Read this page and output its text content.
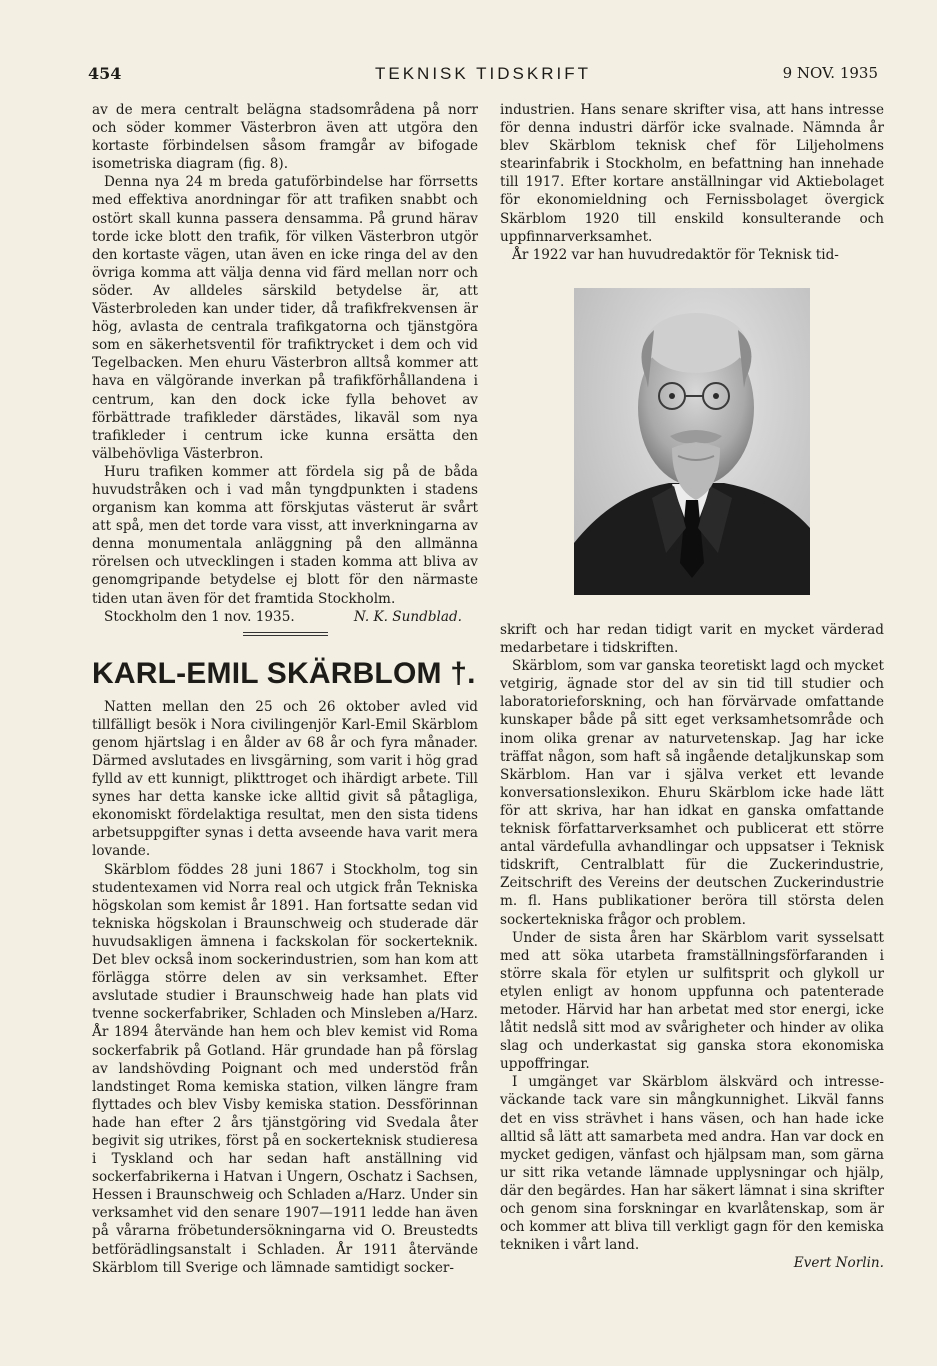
454	TEKNISK TIDSKRIFT	9 NOV. 1935

av de mera centralt belägna stadsområdena på norr och söder kommer Västerbron även att utgöra den kortaste förbindelsen såsom framgår av bifogade isometriska diagram (fig. 8).

Denna nya 24 m breda gatuförbindelse har förrsetts med effektiva anordningar för att trafiken snabbt och ostört skall kunna passera densamma. På grund härav torde icke blott den trafik, för vilken Västerbron utgör den kortaste vägen, utan även en icke ringa del av den övriga komma att välja denna vid färd mellan norr och söder. Av alldeles särskild betydelse är, att Västerbroleden kan under tider, då trafikfrekvensen är hög, avlasta de centrala trafikgatorna och tjänstgöra som en säkerhetsventil för trafiktrycket i dem och vid Tegelbacken. Men ehuru Västerbron alltså kommer att hava en välgörande inverkan på trafikförhållandena i centrum, kan den dock icke fylla behovet av förbättrade trafikleder därstädes, likaväl som nya trafikleder i centrum icke kunna ersätta den välbehövliga Västerbron.

Huru trafiken kommer att fördela sig på de båda huvudstråken och i vad mån tyngdpunkten i stadens organism kan komma att förskjutas västerut är svårt att spå, men det torde vara visst, att inverkningarna av denna monumentala anläggning på den allmänna rörelsen och utvecklingen i staden komma att bliva av genomgripande betydelse ej blott för den närmaste tiden utan även för det framtida Stockholm.

Stockholm den 1 nov. 1935.	N. K. Sundblad.
KARL-EMIL SKÄRBLOM †.

Natten mellan den 25 och 26 oktober avled vid tillfälligt besök i Nora civilingenjör Karl-Emil Skärblom genom hjärtslag i en ålder av 68 år och fyra månader. Därmed avslutades en livsgärning, som varit i hög grad fylld av ett kunnigt, plikttroget och ihärdigt arbete. Till synes har detta kanske icke alltid givit så påtagliga, ekonomiskt fördelaktiga resultat, men den sista tidens arbetsuppgifter synas i detta avseende hava varit mera lovande.

Skärblom föddes 28 juni 1867 i Stockholm, tog sin studentexamen vid Norra real och utgick från Tekniska högskolan som kemist år 1891. Han fortsatte sedan vid tekniska högskolan i Braunschweig och studerade där huvudsakligen ämnena i fackskolan för sockerteknik. Det blev också inom sockerindustrien, som han kom att förlägga större delen av sin verksamhet. Efter avslutade studier i Braunschweig hade han plats vid tvenne sockerfabriker, Schladen och Minsleben a/Harz. År 1894 återvände han hem och blev kemist vid Roma sockerfabrik på Gotland. Här grundade han på förslag av landshövding Poignant och med understöd från landstinget Roma kemiska station, vilken längre fram flyttades och blev Visby kemiska station. Dessförinnan hade han efter 2 års tjänstgöring vid Svedala åter begivit sig utrikes, först på en sockerteknisk studieresa i Tyskland och har sedan haft anställning vid sockerfabrikerna i Hatvan i Ungern, Oschatz i Sachsen, Hessen i Braunschweig och Schladen a/Harz. Under sin verksamhet vid den senare 1907—1911 ledde han även på vårarna fröbetundersökningarna vid O. Breustedts betförädlingsanstalt i Schladen. År 1911 återvände Skärblom till Sverige och lämnade samtidigt socker-

industrien. Hans senare skrifter visa, att hans intresse för denna industri därför icke svalnade. Nämnda år blev Skärblom teknisk chef för Liljeholmens stearinfabrik i Stockholm, en befattning han innehade till 1917. Efter kortare anställningar vid Aktiebolaget för ekonomieldning och Fernissbolaget övergick Skärblom 1920 till enskild konsulterande och uppfinnarverksamhet.

År 1922 var han huvudredaktör för Teknisk tid-

skrift och har redan tidigt varit en mycket värderad medarbetare i tidskriften.

Skärblom, som var ganska teoretiskt lagd och mycket vetgirig, ägnade stor del av sin tid till studier och laboratorieforskning, och han förvärvade omfattande kunskaper både på sitt eget verksamhetsområde och inom olika grenar av naturvetenskap. Jag har icke träffat någon, som haft så ingående detaljkunskap som Skärblom. Han var i själva verket ett levande konversationslexikon. Ehuru Skärblom icke hade lätt för att skriva, har han idkat en ganska omfattande teknisk författarverksamhet och publicerat ett större antal värdefulla avhandlingar och uppsatser i Teknisk tidskrift, Centralblatt für die Zuckerindustrie, Zeitschrift des Vereins der deutschen Zuckerindustrie m. fl. Hans publikationer beröra till största delen sockertekniska frågor och problem.

Under de sista åren har Skärblom varit sysselsatt med att söka utarbeta framställningsförfaranden i större skala för etylen ur sulfitsprit och glykoll ur etylen enligt av honom uppfunna och patenterade metoder. Härvid har han arbetat med stor energi, icke låtit nedslå sitt mod av svårigheter och hinder av olika slag och underkastat sig ganska stora ekonomiska uppoffringar.

I umgänget var Skärblom älskvärd och intresseväckande tack vare sin mångkunnighet. Likväl fanns det en viss strävhet i hans väsen, och han hade icke alltid så lätt att samarbeta med andra. Han var dock en mycket gedigen, vänfast och hjälpsam man, som gärna ur sitt rika vetande lämnade upplysningar och hjälp, där den begärdes. Han har säkert lämnat i sina skrifter och genom sina forskningar en kvarlåtenskap, som är och kommer att bliva till verkligt gagn för den kemiska tekniken i vårt land.

Evert Norlin.
